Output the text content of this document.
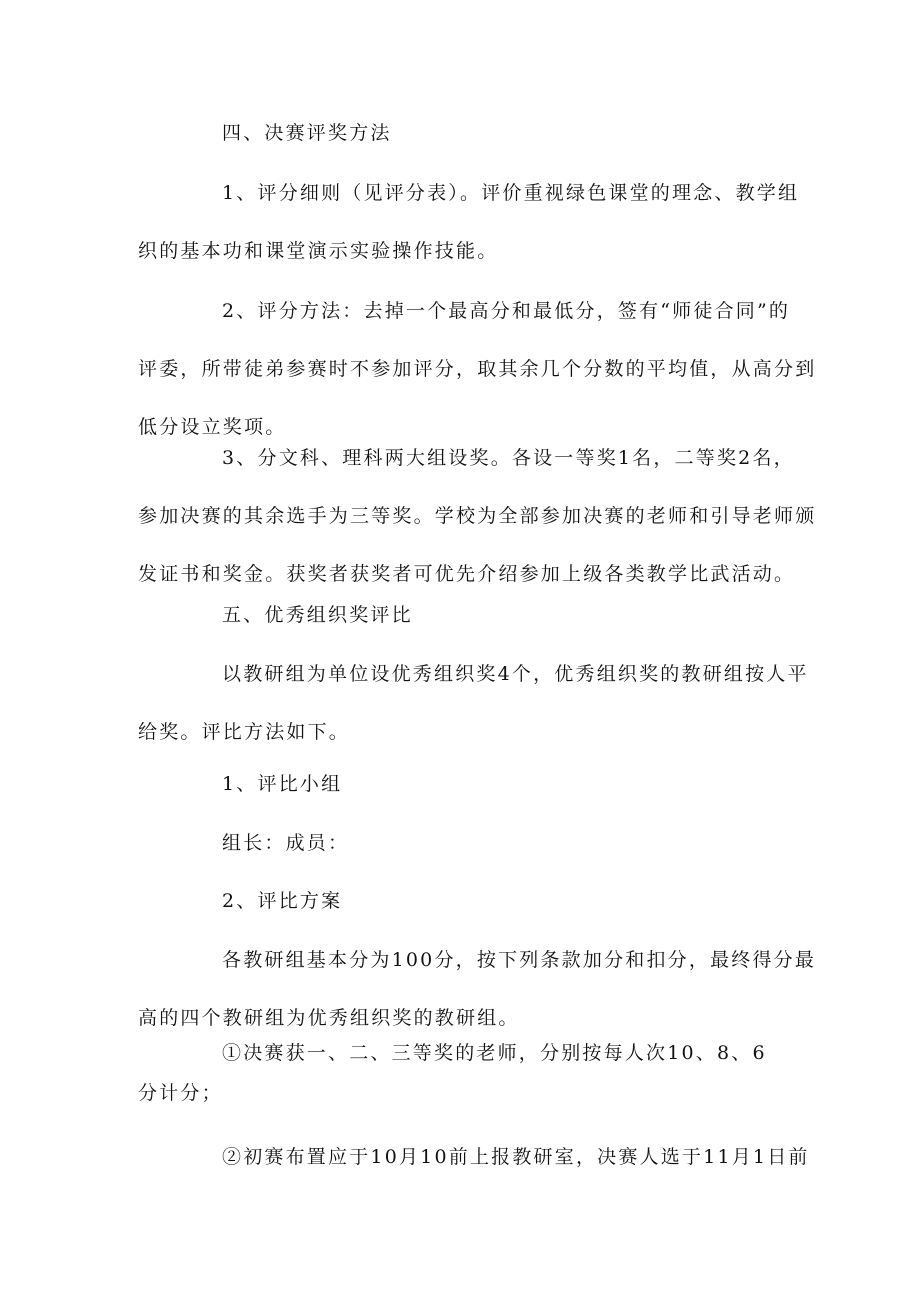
四、决赛评奖方法
1、评分细则（见评分表）。评价重视绿色课堂的理念、教学组
织的基本功和课堂演示实验操作技能。
2、评分方法：去掉一个最高分和最低分，签有“师徒合同”的
评委，所带徒弟参赛时不参加评分，取其余几个分数的平均值，从高分到
低分设立奖项。
3、分文科、理科两大组设奖。各设一等奖1名，二等奖2名，
参加决赛的其余选手为三等奖。学校为全部参加决赛的老师和引导老师颁
发证书和奖金。获奖者获奖者可优先介绍参加上级各类教学比武活动。
五、优秀组织奖评比
以教研组为单位设优秀组织奖4个，优秀组织奖的教研组按人平
给奖。评比方法如下。
1、评比小组
组长：成员：
2、评比方案
各教研组基本分为100分，按下列条款加分和扣分，最终得分最
高的四个教研组为优秀组织奖的教研组。
①决赛获一、二、三等奖的老师，分别按每人次10、8、6
分计分；
②初赛布置应于10月10前上报教研室，决赛人选于11月1日前
